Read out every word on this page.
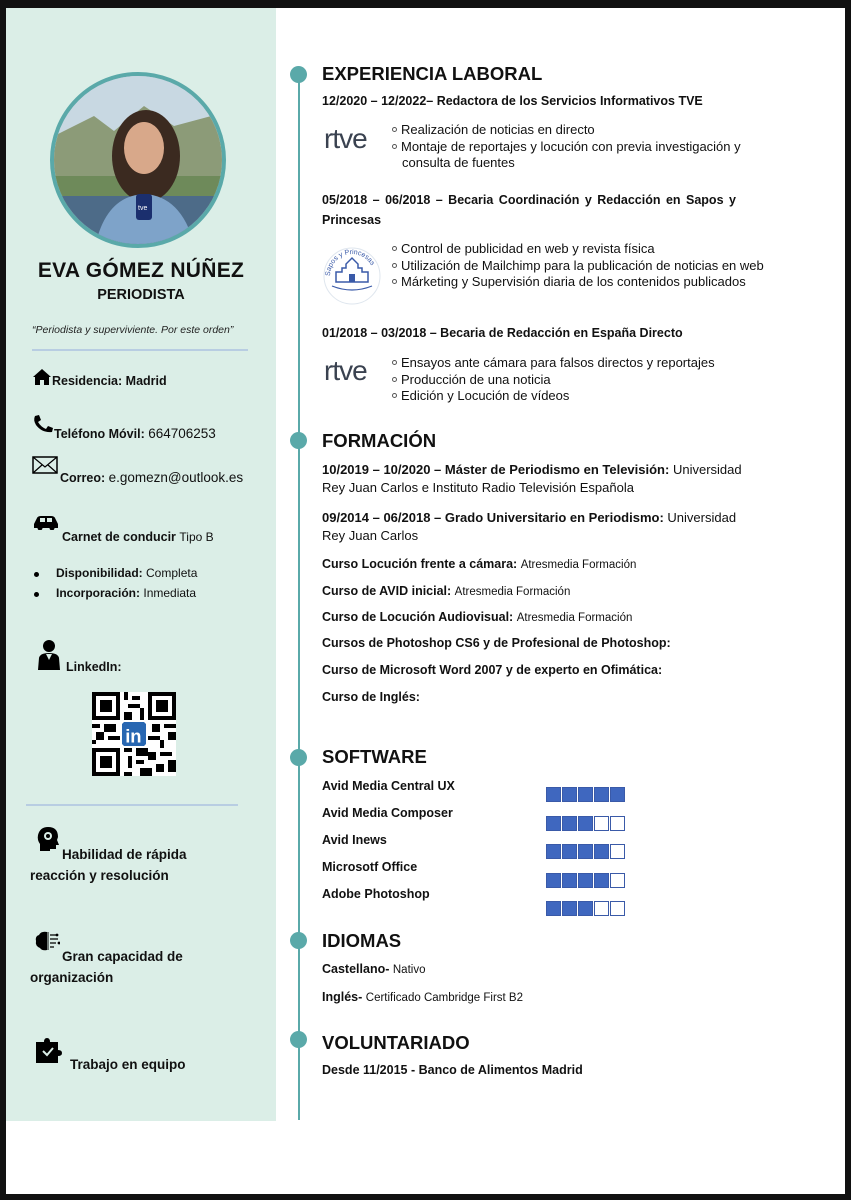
tve
EVA GÓMEZ NÚÑEZ
PERIODISTA
“Periodista y superviviente. Por este orden”
Residencia: Madrid
Teléfono Móvil: 664706253
Correo: e.gomezn@outlook.es
Carnet de conducir Tipo B
Disponibilidad: Completa
Incorporación: Inmediata
LinkedIn:
in
Habilidad de rápida
reacción y resolución
Gran capacidad de
organización
Trabajo en equipo
EXPERIENCIA LABORAL
12/2020 – 12/2022– Redactora de los Servicios Informativos TVE
rtve	Realización de noticias en directo
Montaje de reportajes y locución con previa investigación y
consulta de fuentes
05/2018 – 06/2018 – Becaria Coordinación y Redacción en Sapos y
Princesas
Sapos y Princesas
Control de publicidad en web y revista física
Utilización de Mailchimp para la publicación de noticias en web
Márketing y Supervisión diaria de los contenidos publicados
01/2018 – 03/2018 – Becaria de Redacción en España Directo
rtve	Ensayos ante cámara para falsos directos y reportajes
Producción de una noticia
Edición y Locución de vídeos
FORMACIÓN
10/2019 – 10/2020 – Máster de Periodismo en Televisión: Universidad
Rey Juan Carlos e Instituto Radio Televisión Española
09/2014 – 06/2018 – Grado Universitario en Periodismo: Universidad
Rey Juan Carlos
Curso Locución frente a cámara: Atresmedia Formación
Curso de AVID inicial: Atresmedia Formación
Curso de Locución Audiovisual: Atresmedia Formación
Cursos de Photoshop CS6 y de Profesional de Photoshop:
Curso de Microsoft Word 2007 y de experto en Ofimática:
Curso de Inglés:
SOFTWARE
Avid Media Central UX
Avid Media Composer
Avid Inews
Microsotf Office
Adobe Photoshop
IDIOMAS
Castellano- Nativo
Inglés- Certificado Cambridge First B2
VOLUNTARIADO
Desde 11/2015 - Banco de Alimentos Madrid
